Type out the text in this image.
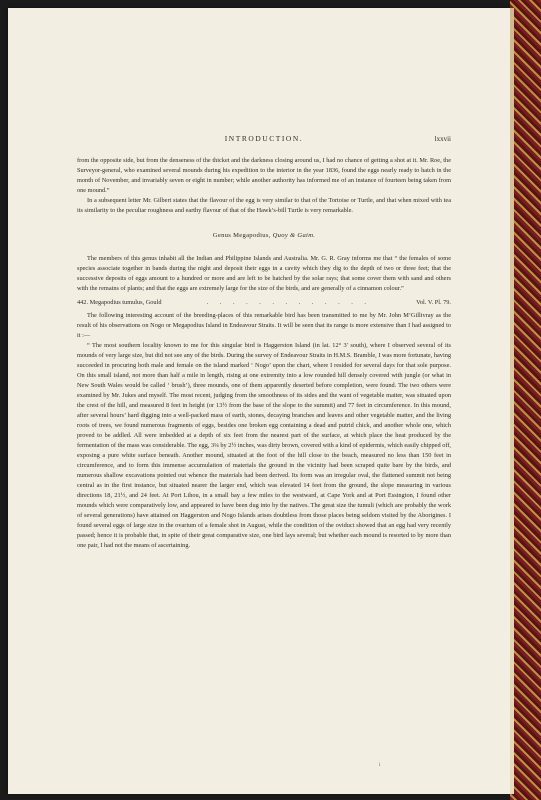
INTRODUCTION.	lxxvii

from the opposite side, but from the denseness of the thicket and the darkness closing around us, I had no chance of getting a shot at it. Mr. Roe, the Surveyor-general, who examined several mounds during his expedition to the interior in the year 1836, found the eggs nearly ready to hatch in the month of November, and invariably seven or eight in number; while another authority has informed me of an instance of fourteen being taken from one mound.”

In a subsequent letter Mr. Gilbert states that the flavour of the egg is very similar to that of the Tortoise or Turtle, and that when mixed with tea its similarity to the peculiar roughness and earthy flavour of that of the Hawk’s-bill Turtle is very remarkable.

Genus Megapodius, Quoy & Gaim.

The members of this genus inhabit all the Indian and Philippine Islands and Australia. Mr. G. R. Gray informs me that “ the females of some species associate together in bands during the night and deposit their eggs in a cavity which they dig to the depth of two or three feet; that the successive deposits of eggs amount to a hundred or more and are left to be hatched by the solar rays; that some cover them with sand and others with the remains of plants; and that the eggs are extremely large for the size of the birds, and are generally of a cinnamon colour.”

442. Megapodius tumulus, Gould	. . . . . . . . . . . . .	Vol. V. Pl. 79.

The following interesting account of the breeding-places of this remarkable bird has been transmitted to me by Mr. John M‘Gillivray as the result of his observations on Nogo or Megapodius Island in Endeavour Straits. It will be seen that its range is more extensive than I had assigned to it :—

“ The most southern locality known to me for this singular bird is Haggerston Island (in lat. 12° 3′ south), where I observed several of its mounds of very large size, but did not see any of the birds. During the survey of Endeavour Straits in H.M.S. Bramble, I was more fortunate, having succeeded in procuring both male and female on the island marked ‘ Nogo’ upon the chart, where I resided for several days for that sole purpose. On this small island, not more than half a mile in length, rising at one extremity into a low rounded hill densely covered with jungle (or what in New South Wales would be called ‘ brush’), three mounds, one of them apparently deserted before completion, were found. The two others were examined by Mr. Jukes and myself. The most recent, judging from the smoothness of its sides and the want of vegetable matter, was situated upon the crest of the hill, and measured 8 feet in height (or 13½ from the base of the slope to the summit) and 77 feet in circumference. In this mound, after several hours’ hard digging into a well-packed mass of earth, stones, decaying branches and leaves and other vegetable matter, and the living roots of trees, we found numerous fragments of eggs, besides one broken egg containing a dead and putrid chick, and another whole one, which proved to be addled. All were imbedded at a depth of six feet from the nearest part of the surface, at which place the heat produced by the fermentation of the mass was considerable. The egg, 3¼ by 2½ inches, was dirty brown, covered with a kind of epidermis, which easily chipped off, exposing a pure white surface beneath. Another mound, situated at the foot of the hill close to the beach, measured no less than 150 feet in circumference, and to form this immense accumulation of materials the ground in the vicinity had been scraped quite bare by the birds, and numerous shallow excavations pointed out whence the materials had been derived. Its form was an irregular oval, the flattened summit not being central as in the first instance, but situated nearer the larger end, which was elevated 14 feet from the ground, the slope measuring in various directions 18, 21½, and 24 feet. At Port Lihou, in a small bay a few miles to the westward, at Cape York and at Port Essington, I found other mounds which were comparatively low, and appeared to have been dug into by the natives. The great size the tumuli (which are probably the work of several generations) have attained on Haggerston and Nogo Islands arises doubtless from those places being seldom visited by the Aborigines. I found several eggs of large size in the ovarium of a female shot in August, while the condition of the oviduct showed that an egg had very recently passed; hence it is probable that, in spite of their great comparative size, one bird lays several; but whether each mound is resorted to by more than one pair, I had not the means of ascertaining.

i
